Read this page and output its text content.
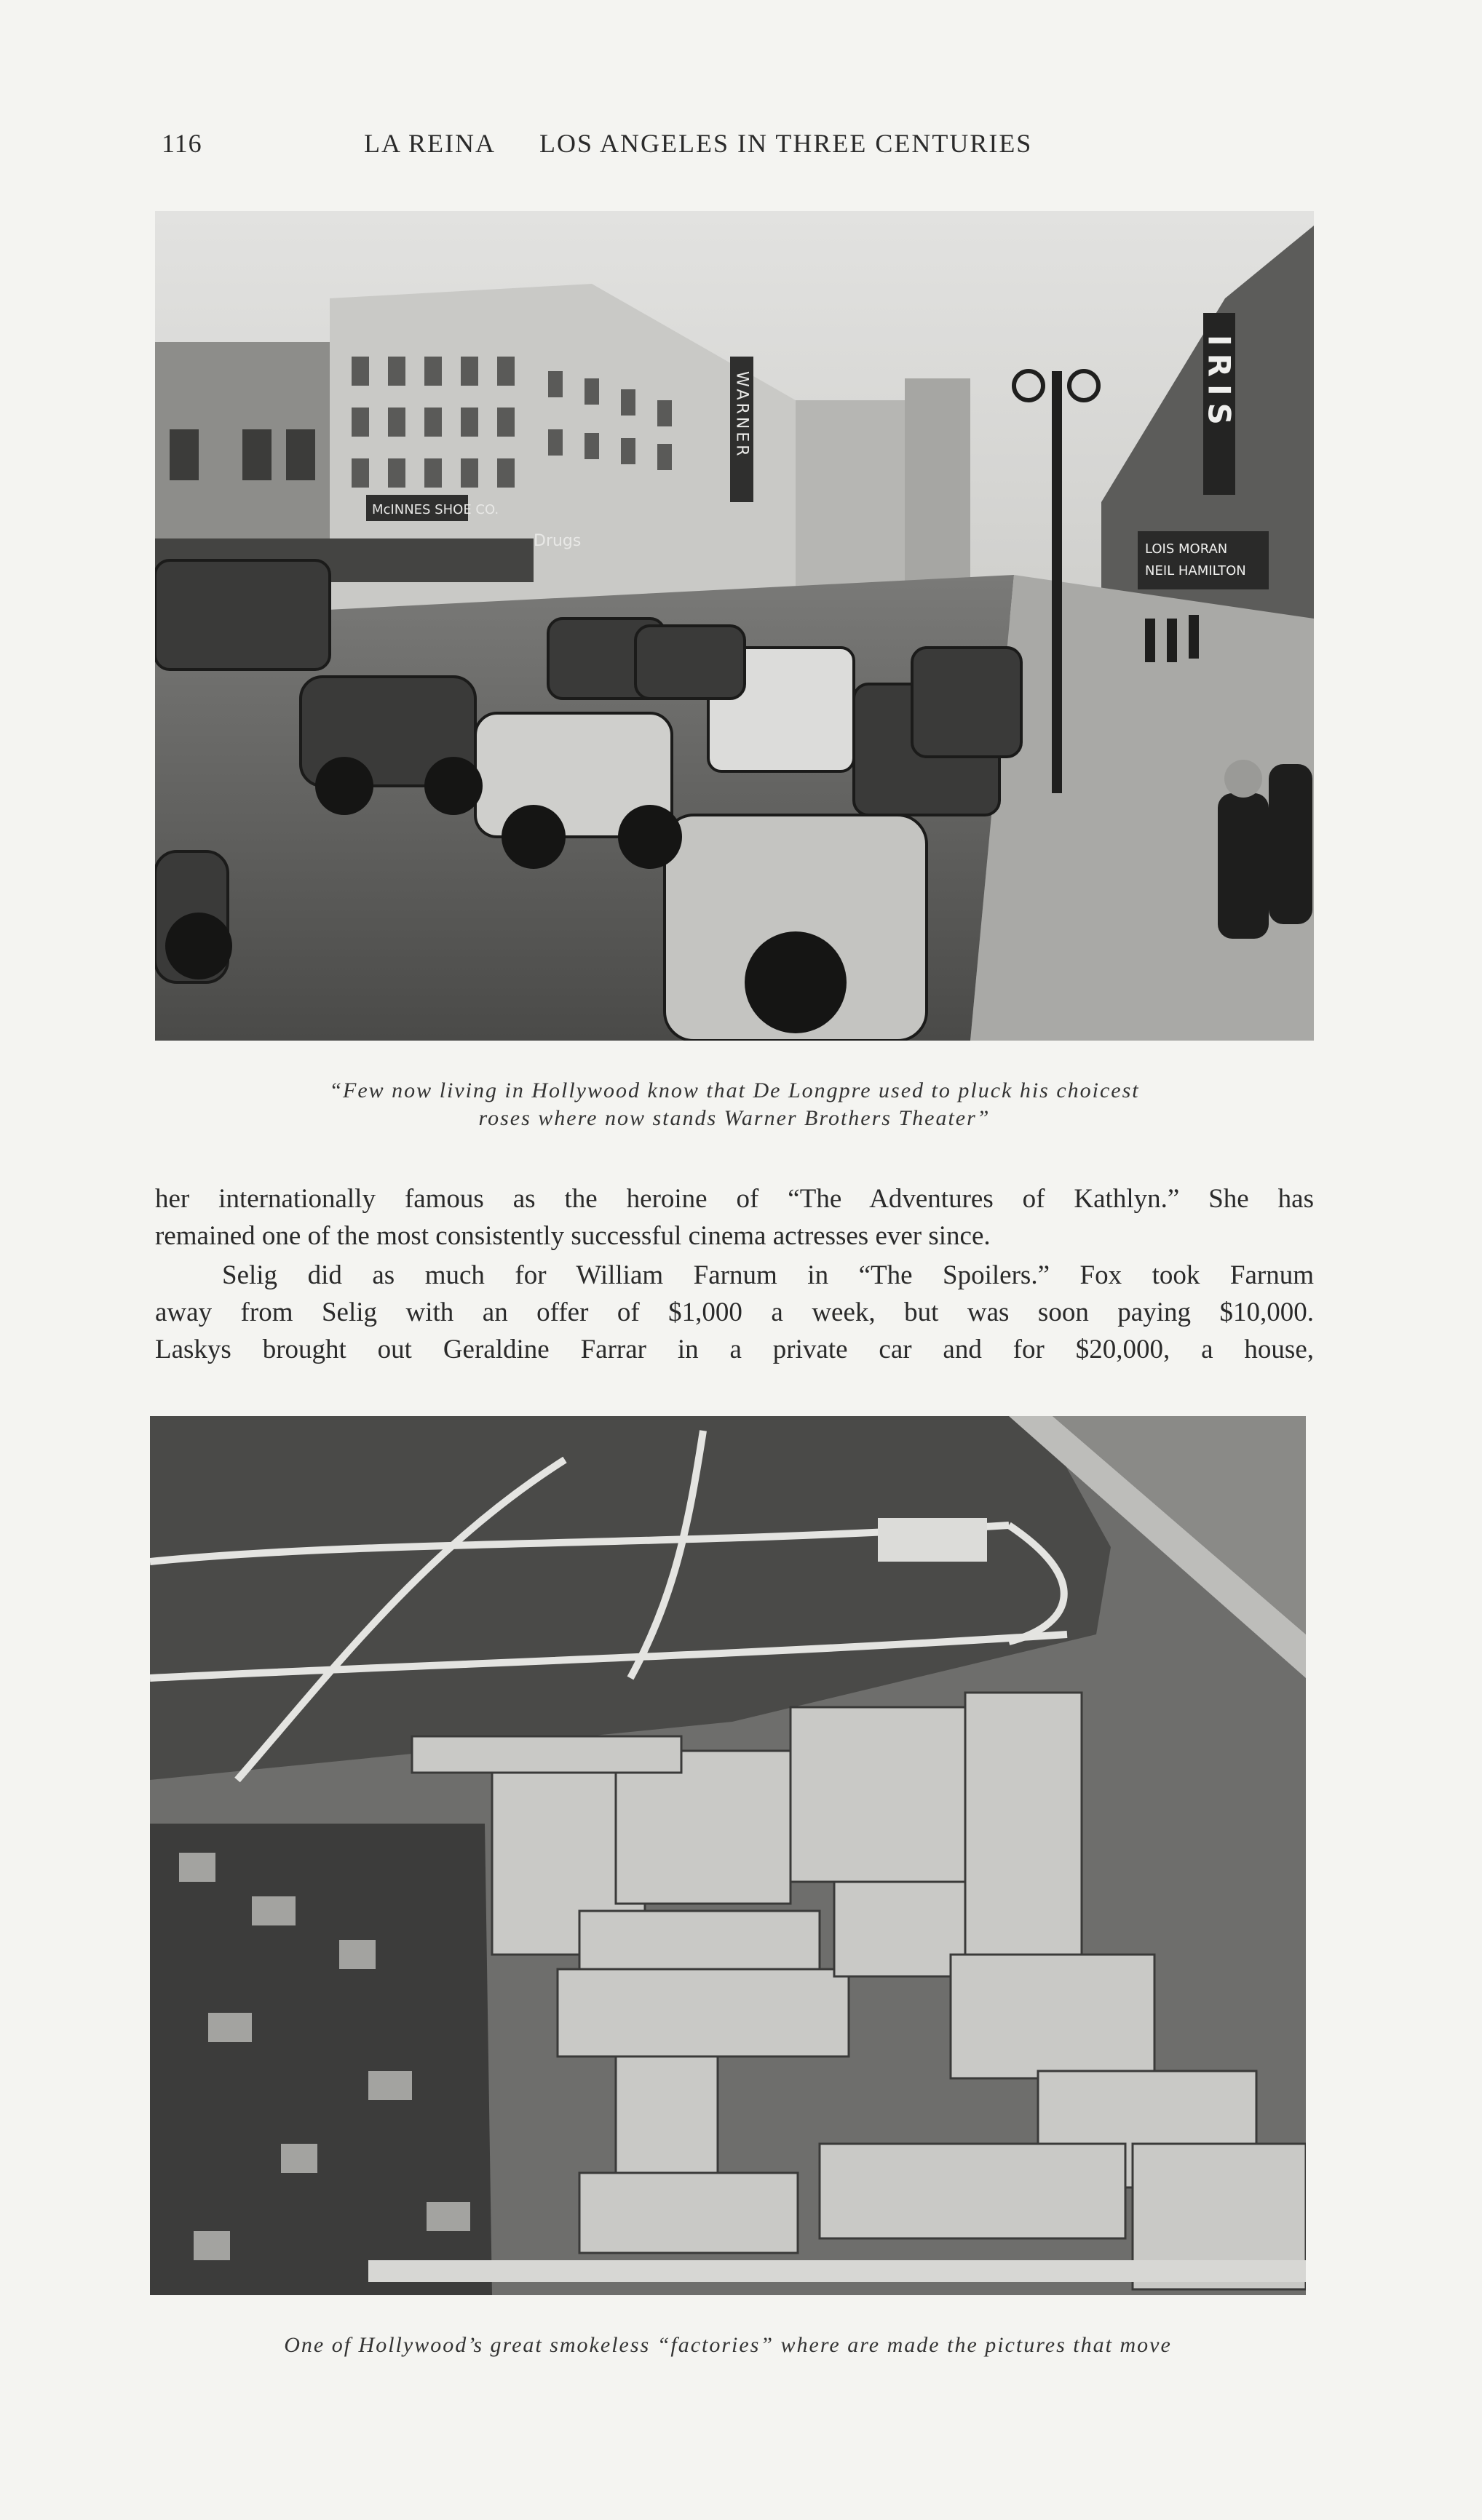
116	LA REINA LOS ANGELES IN THREE CENTURIES
McINNES SHOE CO.
Drugs
WARNER	IRIS
LOIS MORAN
NEIL HAMILTON
“Few now living in Hollywood know that De Longpre used to pluck his choicest
roses where now stands Warner Brothers Theater”
her internationally famous as the heroine of “The Adventures of Kathlyn.” She has
remained one of the most consistently successful cinema actresses ever since.
Selig did as much for William Farnum in “The Spoilers.” Fox took Farnum
away from Selig with an offer of $1,000 a week, but was soon paying $10,000.
Laskys brought out Geraldine Farrar in a private car and for $20,000, a house,
One of Hollywood’s great smokeless “factories” where are made the pictures that move
